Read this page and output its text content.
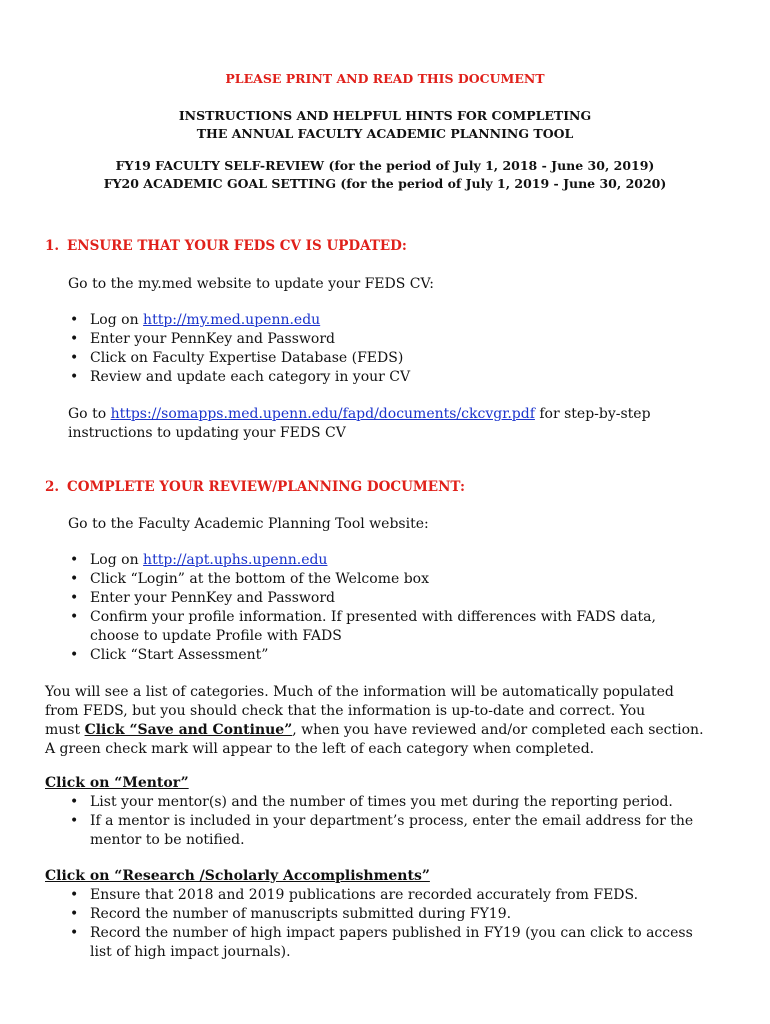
PLEASE PRINT AND READ THIS DOCUMENT
INSTRUCTIONS AND HELPFUL HINTS FOR COMPLETING
THE ANNUAL FACULTY ACADEMIC PLANNING TOOL
FY19 FACULTY SELF-REVIEW (for the period of July 1, 2018 - June 30, 2019)
FY20 ACADEMIC GOAL SETTING (for the period of July 1, 2019 - June 30, 2020)
1. ENSURE THAT YOUR FEDS CV IS UPDATED:
Go to the my.med website to update your FEDS CV:
• Log on http://my.med.upenn.edu
• Enter your PennKey and Password
• Click on Faculty Expertise Database (FEDS)
• Review and update each category in your CV
Go to https://somapps.med.upenn.edu/fapd/documents/ckcvgr.pdf for step-by-step
instructions to updating your FEDS CV
2. COMPLETE YOUR REVIEW/PLANNING DOCUMENT:
Go to the Faculty Academic Planning Tool website:
• Log on http://apt.uphs.upenn.edu
• Click “Login” at the bottom of the Welcome box
• Enter your PennKey and Password
• Confirm your profile information. If presented with differences with FADS data,
choose to update Profile with FADS
• Click “Start Assessment”
You will see a list of categories. Much of the information will be automatically populated
from FEDS, but you should check that the information is up-to-date and correct. You
must Click “Save and Continue”, when you have reviewed and/or completed each section.
A green check mark will appear to the left of each category when completed.
Click on “Mentor”
• List your mentor(s) and the number of times you met during the reporting period.
• If a mentor is included in your department’s process, enter the email address for the
mentor to be notified.
Click on “Research /Scholarly Accomplishments”
• Ensure that 2018 and 2019 publications are recorded accurately from FEDS.
• Record the number of manuscripts submitted during FY19.
• Record the number of high impact papers published in FY19 (you can click to access
list of high impact journals).
